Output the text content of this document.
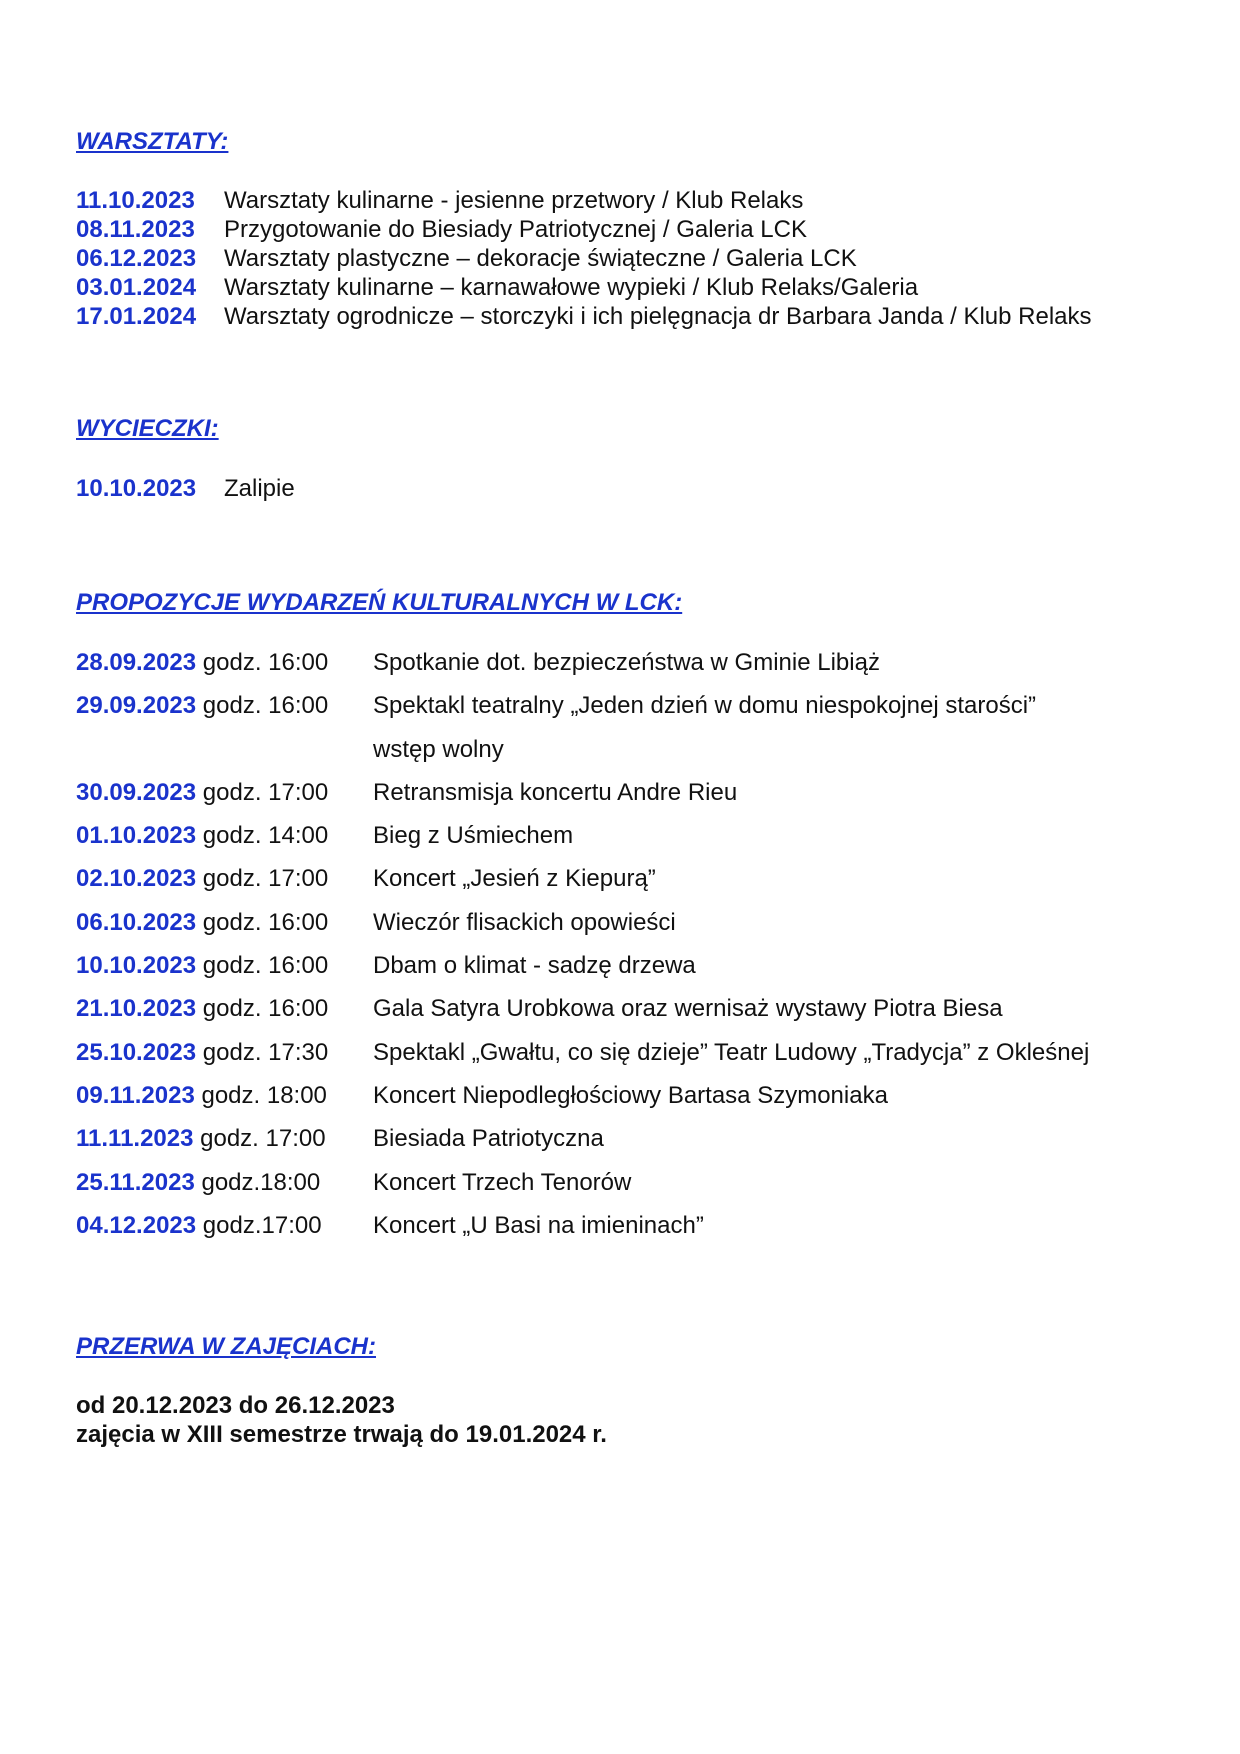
WARSZTATY:
11.10.2023 Warsztaty kulinarne - jesienne przetwory / Klub Relaks
08.11.2023 Przygotowanie do Biesiady Patriotycznej / Galeria LCK
06.12.2023 Warsztaty plastyczne – dekoracje świąteczne / Galeria LCK
03.01.2024 Warsztaty kulinarne – karnawałowe wypieki / Klub Relaks/Galeria
17.01.2024 Warsztaty ogrodnicze – storczyki i ich pielęgnacja dr Barbara Janda / Klub Relaks
WYCIECZKI:
10.10.2023 Zalipie
PROPOZYCJE WYDARZEŃ KULTURALNYCH W LCK:
28.09.2023 godz. 16:00	Spotkanie dot. bezpieczeństwa w Gminie Libiąż
29.09.2023 godz. 16:00	Spektakl teatralny „Jeden dzień w domu niespokojnej starości”
wstęp wolny
30.09.2023 godz. 17:00	Retransmisja koncertu Andre Rieu
01.10.2023 godz. 14:00	Bieg z Uśmiechem
02.10.2023 godz. 17:00	Koncert „Jesień z Kiepurą”
06.10.2023 godz. 16:00	Wieczór flisackich opowieści
10.10.2023 godz. 16:00	Dbam o klimat - sadzę drzewa
21.10.2023 godz. 16:00	Gala Satyra Urobkowa oraz wernisaż wystawy Piotra Biesa
25.10.2023 godz. 17:30	Spektakl „Gwałtu, co się dzieje” Teatr Ludowy „Tradycja” z Okleśnej
09.11.2023 godz. 18:00	Koncert Niepodległościowy Bartasa Szymoniaka
11.11.2023 godz. 17:00	Biesiada Patriotyczna
25.11.2023 godz.18:00	Koncert Trzech Tenorów
04.12.2023 godz.17:00	Koncert „U Basi na imieninach”
PRZERWA W ZAJĘCIACH:

od 20.12.2023 do 26.12.2023
zajęcia w XIII semestrze trwają do 19.01.2024 r.
